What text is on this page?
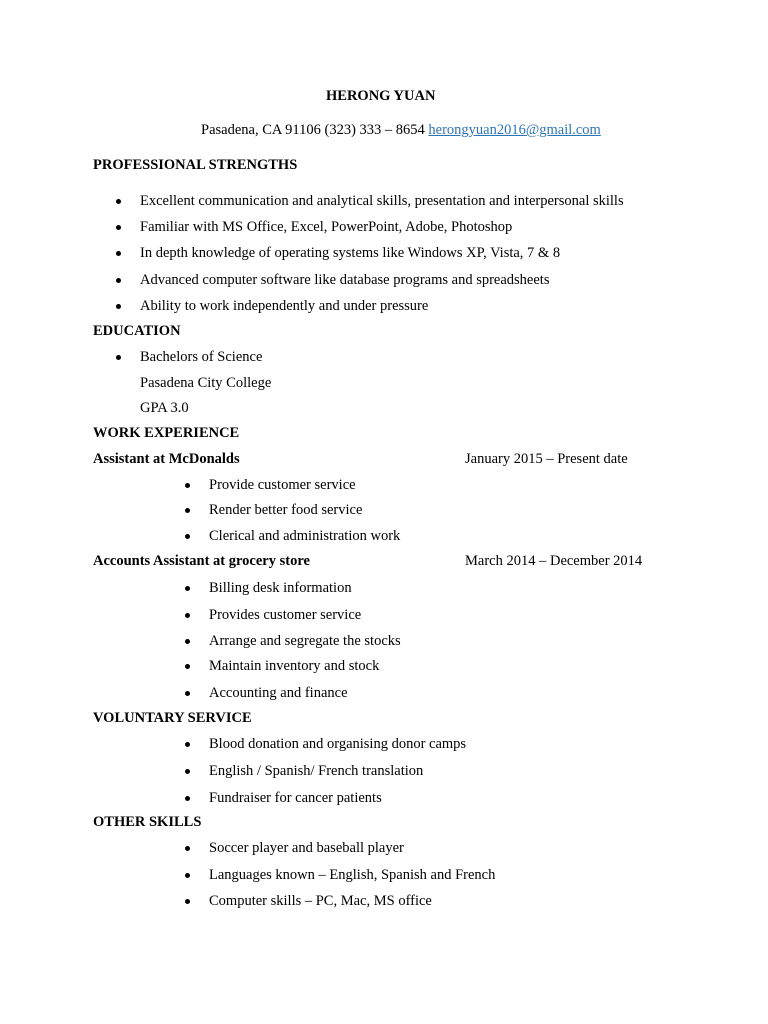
HERONG YUAN
Pasadena, CA 91106 (323) 333 – 8654 herongyuan2016@gmail.com
PROFESSIONAL STRENGTHS
Excellent communication and analytical skills, presentation and interpersonal skills
Familiar with MS Office, Excel, PowerPoint, Adobe, Photoshop
In depth knowledge of operating systems like Windows XP, Vista, 7 & 8
Advanced computer software like database programs and spreadsheets
Ability to work independently and under pressure
EDUCATION
Bachelors of Science
Pasadena City College
GPA 3.0
WORK EXPERIENCE
Assistant at McDonalds	January 2015 – Present date
Provide customer service
Render better food service
Clerical and administration work
Accounts Assistant at grocery store	March 2014 – December 2014
Billing desk information
Provides customer service
Arrange and segregate the stocks
Maintain inventory and stock
Accounting and finance
VOLUNTARY SERVICE
Blood donation and organising donor camps
English / Spanish/ French translation
Fundraiser for cancer patients
OTHER SKILLS
Soccer player and baseball player
Languages known – English, Spanish and French
Computer skills – PC, Mac, MS office
